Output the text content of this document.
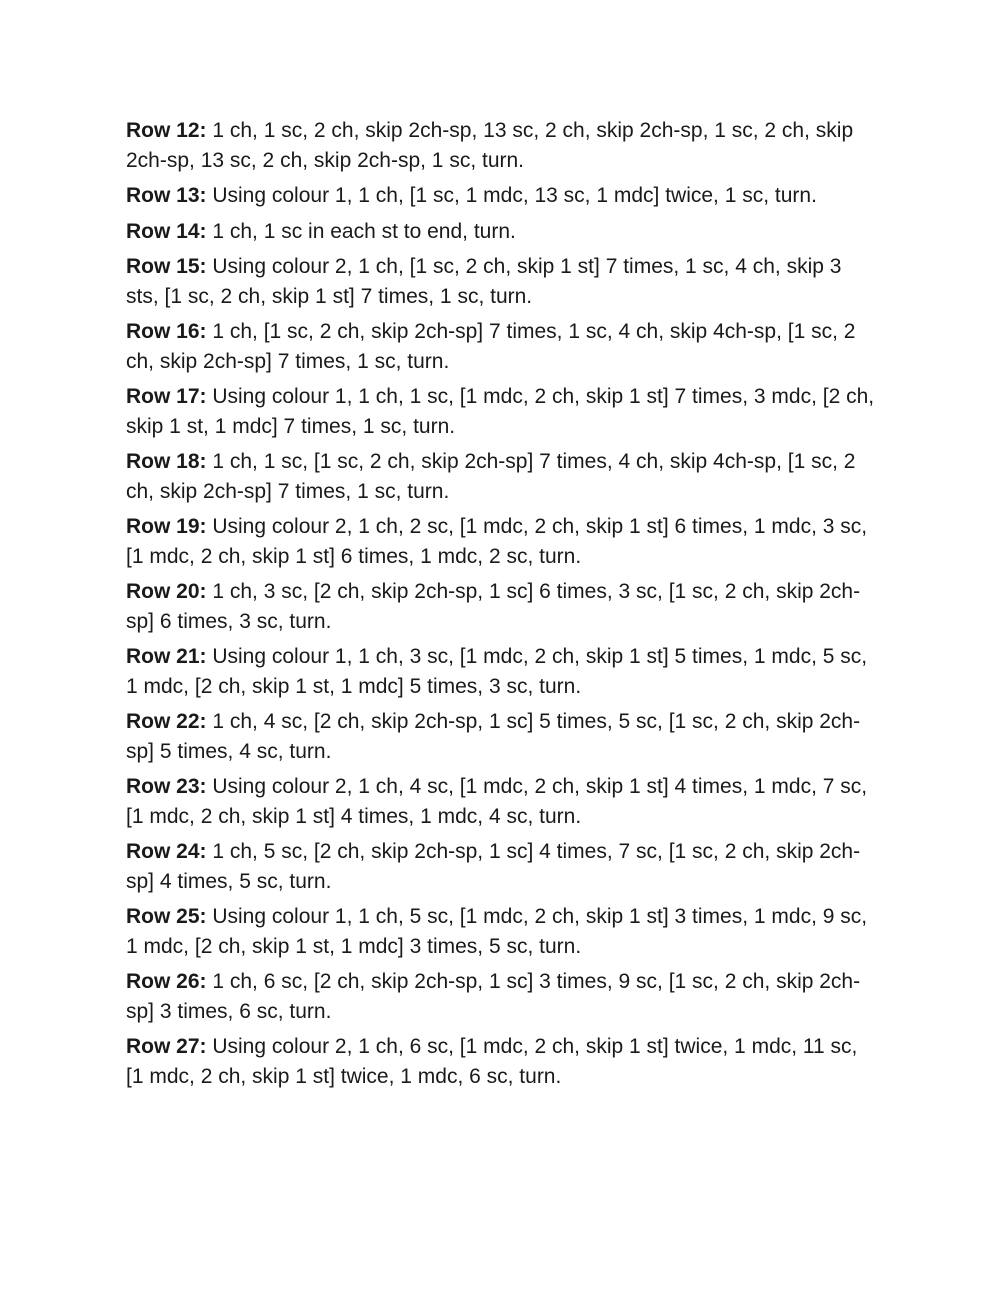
Row 12: 1 ch, 1 sc, 2 ch, skip 2ch-sp, 13 sc, 2 ch, skip 2ch-sp, 1 sc, 2 ch, skip 2ch-sp, 13 sc, 2 ch, skip 2ch-sp, 1 sc, turn.

Row 13: Using colour 1, 1 ch, [1 sc, 1 mdc, 13 sc, 1 mdc] twice, 1 sc, turn.

Row 14: 1 ch, 1 sc in each st to end, turn.

Row 15: Using colour 2, 1 ch, [1 sc, 2 ch, skip 1 st] 7 times, 1 sc, 4 ch, skip 3 sts, [1 sc, 2 ch, skip 1 st] 7 times, 1 sc, turn.

Row 16: 1 ch, [1 sc, 2 ch, skip 2ch-sp] 7 times, 1 sc, 4 ch, skip 4ch-sp, [1 sc, 2 ch, skip 2ch-sp] 7 times, 1 sc, turn.

Row 17: Using colour 1, 1 ch, 1 sc, [1 mdc, 2 ch, skip 1 st] 7 times, 3 mdc, [2 ch, skip 1 st, 1 mdc] 7 times, 1 sc, turn.

Row 18: 1 ch, 1 sc, [1 sc, 2 ch, skip 2ch-sp] 7 times, 4 ch, skip 4ch-sp, [1 sc, 2 ch, skip 2ch-sp] 7 times, 1 sc, turn.

Row 19: Using colour 2, 1 ch, 2 sc, [1 mdc, 2 ch, skip 1 st] 6 times, 1 mdc, 3 sc, [1 mdc, 2 ch, skip 1 st] 6 times, 1 mdc, 2 sc, turn.

Row 20: 1 ch, 3 sc, [2 ch, skip 2ch-sp, 1 sc] 6 times, 3 sc, [1 sc, 2 ch, skip 2ch-sp] 6 times, 3 sc, turn.

Row 21: Using colour 1, 1 ch, 3 sc, [1 mdc, 2 ch, skip 1 st] 5 times, 1 mdc, 5 sc, 1 mdc, [2 ch, skip 1 st, 1 mdc] 5 times, 3 sc, turn.

Row 22: 1 ch, 4 sc, [2 ch, skip 2ch-sp, 1 sc] 5 times, 5 sc, [1 sc, 2 ch, skip 2ch-sp] 5 times, 4 sc, turn.

Row 23: Using colour 2, 1 ch, 4 sc, [1 mdc, 2 ch, skip 1 st] 4 times, 1 mdc, 7 sc, [1 mdc, 2 ch, skip 1 st] 4 times, 1 mdc, 4 sc, turn.

Row 24: 1 ch, 5 sc, [2 ch, skip 2ch-sp, 1 sc] 4 times, 7 sc, [1 sc, 2 ch, skip 2ch-sp] 4 times, 5 sc, turn.

Row 25: Using colour 1, 1 ch, 5 sc, [1 mdc, 2 ch, skip 1 st] 3 times, 1 mdc, 9 sc, 1 mdc, [2 ch, skip 1 st, 1 mdc] 3 times, 5 sc, turn.

Row 26: 1 ch, 6 sc, [2 ch, skip 2ch-sp, 1 sc] 3 times, 9 sc, [1 sc, 2 ch, skip 2ch-sp] 3 times, 6 sc, turn.

Row 27: Using colour 2, 1 ch, 6 sc, [1 mdc, 2 ch, skip 1 st] twice, 1 mdc, 11 sc, [1 mdc, 2 ch, skip 1 st] twice, 1 mdc, 6 sc, turn.
